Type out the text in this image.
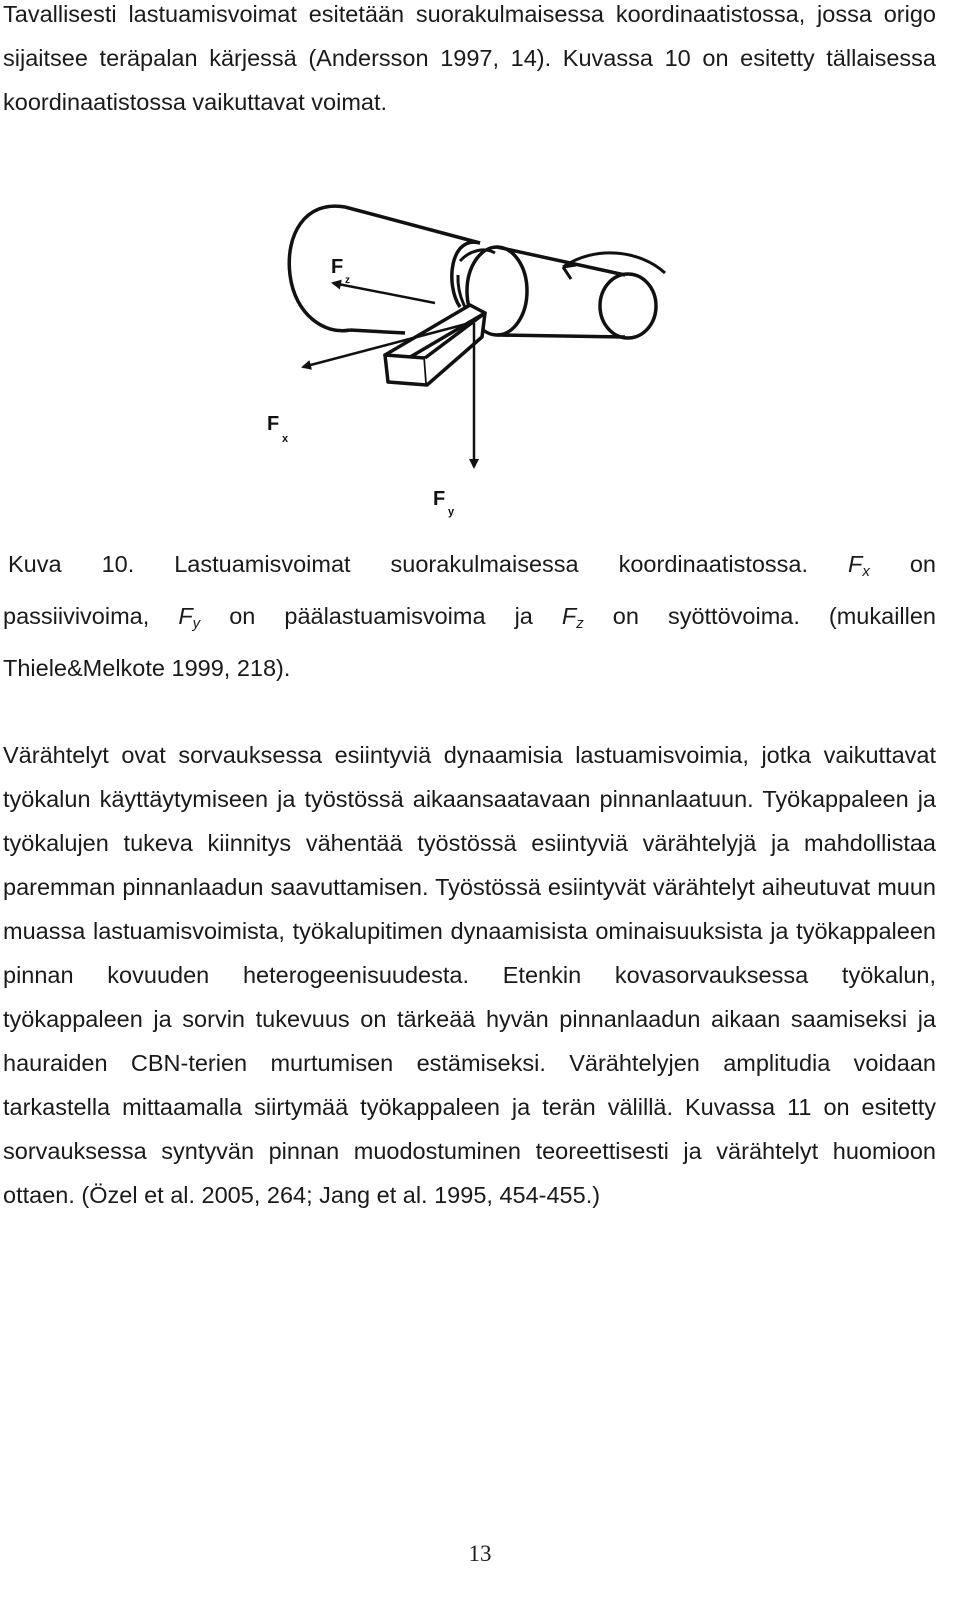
Tavallisesti lastuamisvoimat esitetään suorakulmaisessa koordinaatistossa, jossa origo sijaitsee teräpalan kärjessä (Andersson 1997, 14). Kuvassa 10 on esitetty tällaisessa koordinaatistossa vaikuttavat voimat.

F
z
F
x
F
y
Kuva 10. Lastuamisvoimat suorakulmaisessa koordinaatistossa. $F_x$ on
passiivivoima, $F_y$ on päälastuamisvoima ja $F_z$ on syöttövoima. (mukaillen
Thiele&Melkote 1999, 218).

Värähtelyt ovat sorvauksessa esiintyviä dynaamisia lastuamisvoimia, jotka vaikuttavat työkalun käyttäytymiseen ja työstössä aikaansaatavaan pinnanlaatuun. Työkappaleen ja työkalujen tukeva kiinnitys vähentää työstössä esiintyviä värähtelyjä ja mahdollistaa paremman pinnanlaadun saavuttamisen. Työstössä esiintyvät värähtelyt aiheutuvat muun muassa lastuamisvoimista, työkalupitimen dynaamisista ominaisuuksista ja työkappaleen pinnan kovuuden heterogeenisuudesta. Etenkin kovasorvauksessa työkalun, työkappaleen ja sorvin tukevuus on tärkeää hyvän pinnanlaadun aikaan saamiseksi ja hauraiden CBN-terien murtumisen estämiseksi. Värähtelyjen amplitudia voidaan tarkastella mittaamalla siirtymää työkappaleen ja terän välillä. Kuvassa 11 on esitetty sorvauksessa syntyvän pinnan muodostuminen teoreettisesti ja värähtelyt huomioon ottaen. (Özel et al. 2005, 264; Jang et al. 1995, 454-455.)

13
